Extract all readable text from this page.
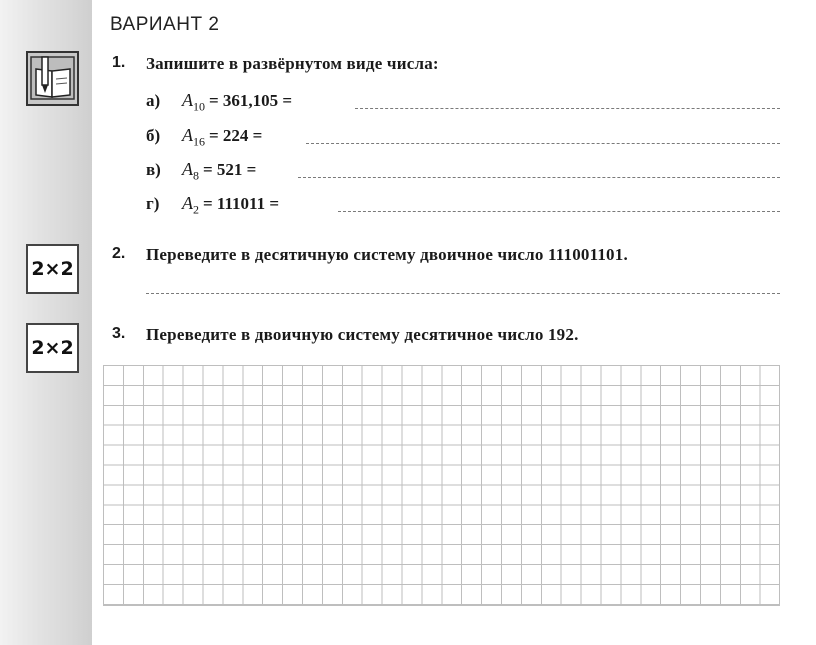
ВАРИАНТ 2
1. Запишите в развёрнутом виде числа:
а)	$A_{10} = 361,105$ =
б)	$A_{16} = 224$ =
в)	$A_8 = 521$ =
г)	$A_2 = 111011$ =
2×2
2. Переведите в десятичную систему двоичное число 111001101.
2×2
3. Переведите в двоичную систему десятичное число 192.
